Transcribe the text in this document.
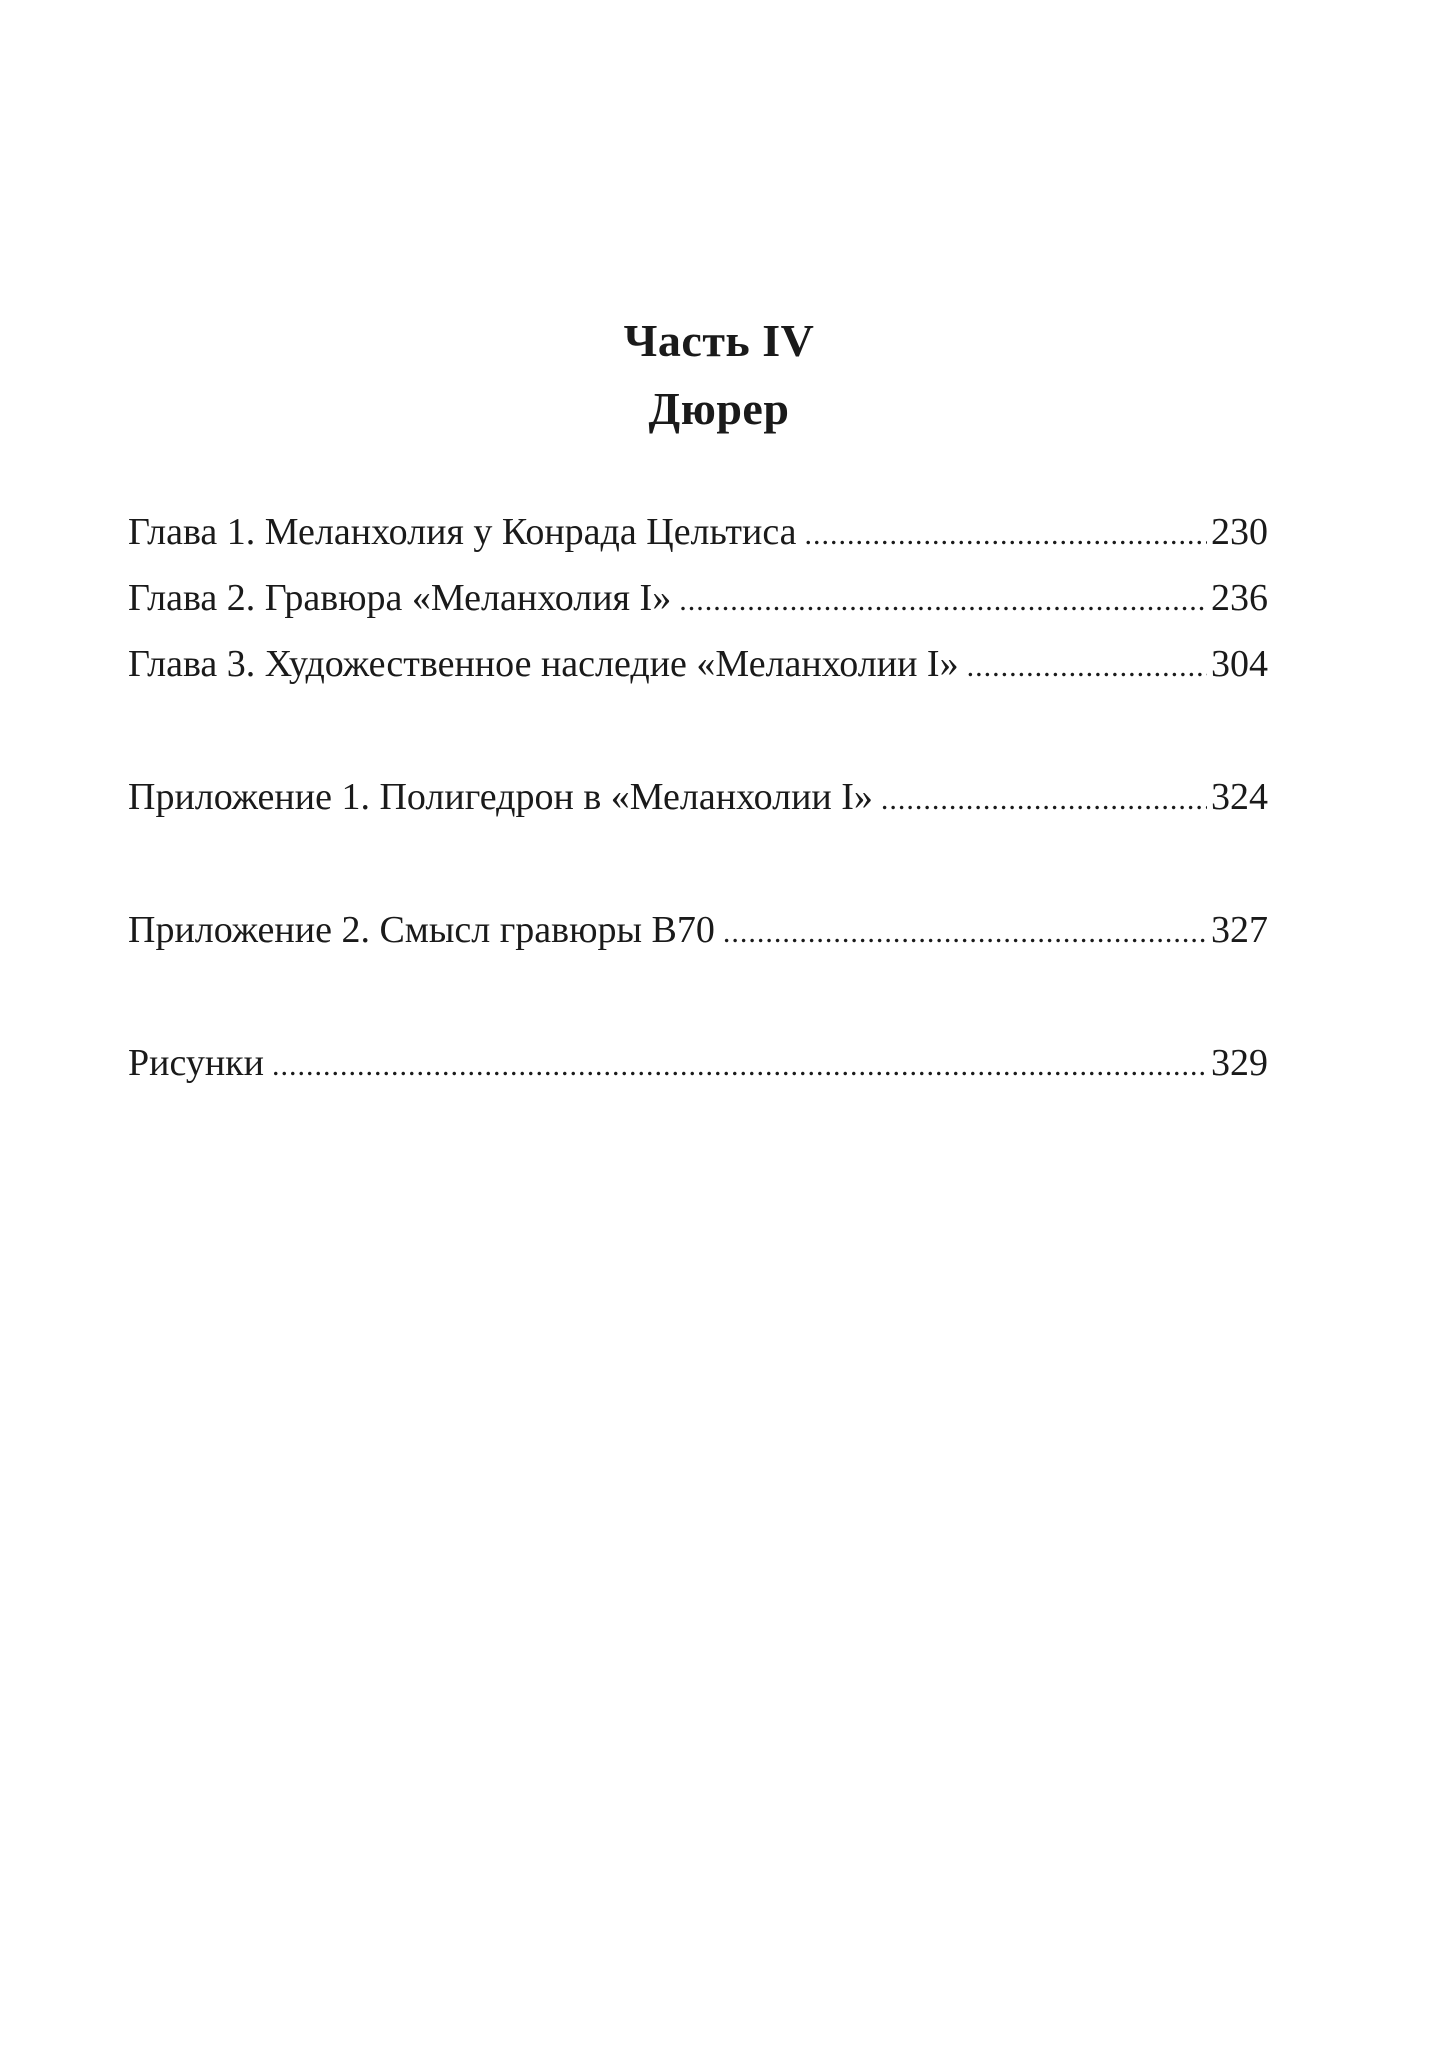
Часть IV
Дюрер
Глава 1. Меланхолия у Конрада Цельтиса .....	230
Глава 2. Гравюра «Меланхолия I» .....	236
Глава 3. Художественное наследие «Меланхолии I» .....	304
Приложение 1. Полигедрон в «Меланхолии I» .....	324
Приложение 2. Смысл гравюры B70 .....	327
Рисунки .....	329
